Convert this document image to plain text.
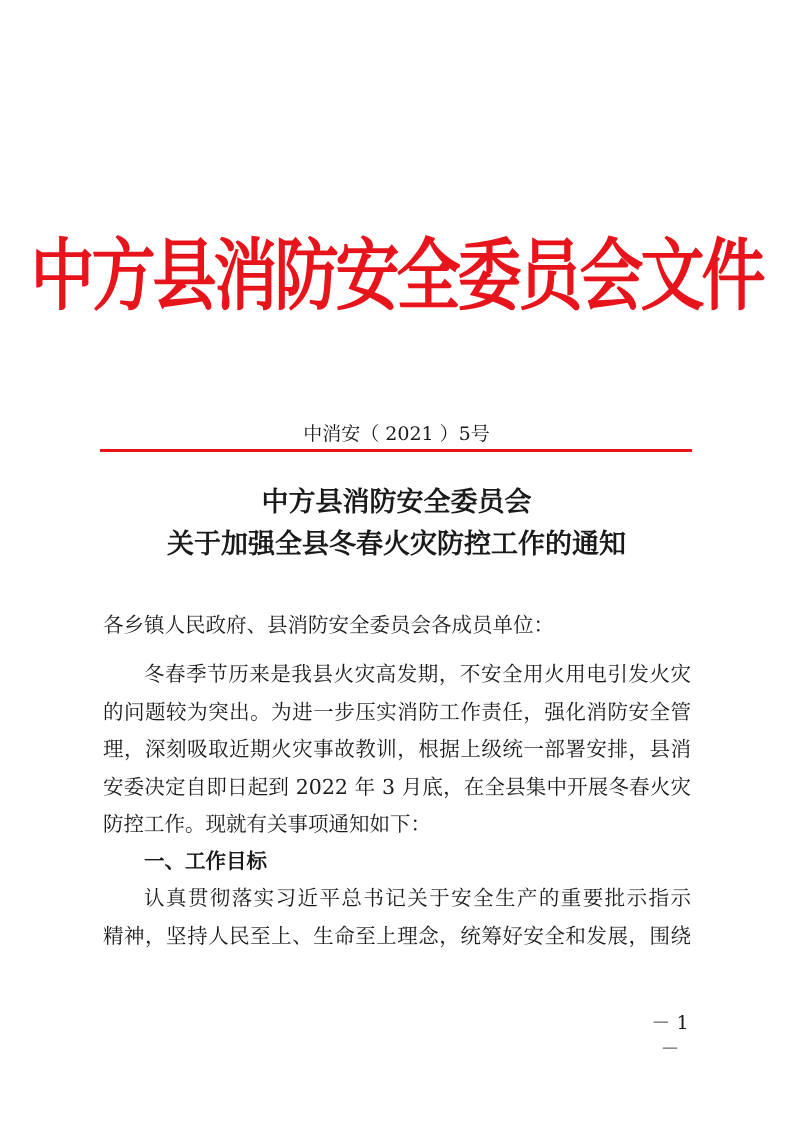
中方县消防安全委员会文件
中消安（ 2021 ）5号
中方县消防安全委员会
关于加强全县冬春火灾防控工作的通知
各乡镇人民政府、县消防安全委员会各成员单位：
冬春季节历来是我县火灾高发期，不安全用火用电引发火灾
的问题较为突出。为进一步压实消防工作责任，强化消防安全管
理，深刻吸取近期火灾事故教训，根据上级统一部署安排，县消
安委决定自即日起到 2022 年 3 月底，在全县集中开展冬春火灾
防控工作。现就有关事项通知如下：
一、工作目标
认真贯彻落实习近平总书记关于安全生产的重要批示指示
精神，坚持人民至上、生命至上理念，统筹好安全和发展，围绕
－ 1 －
